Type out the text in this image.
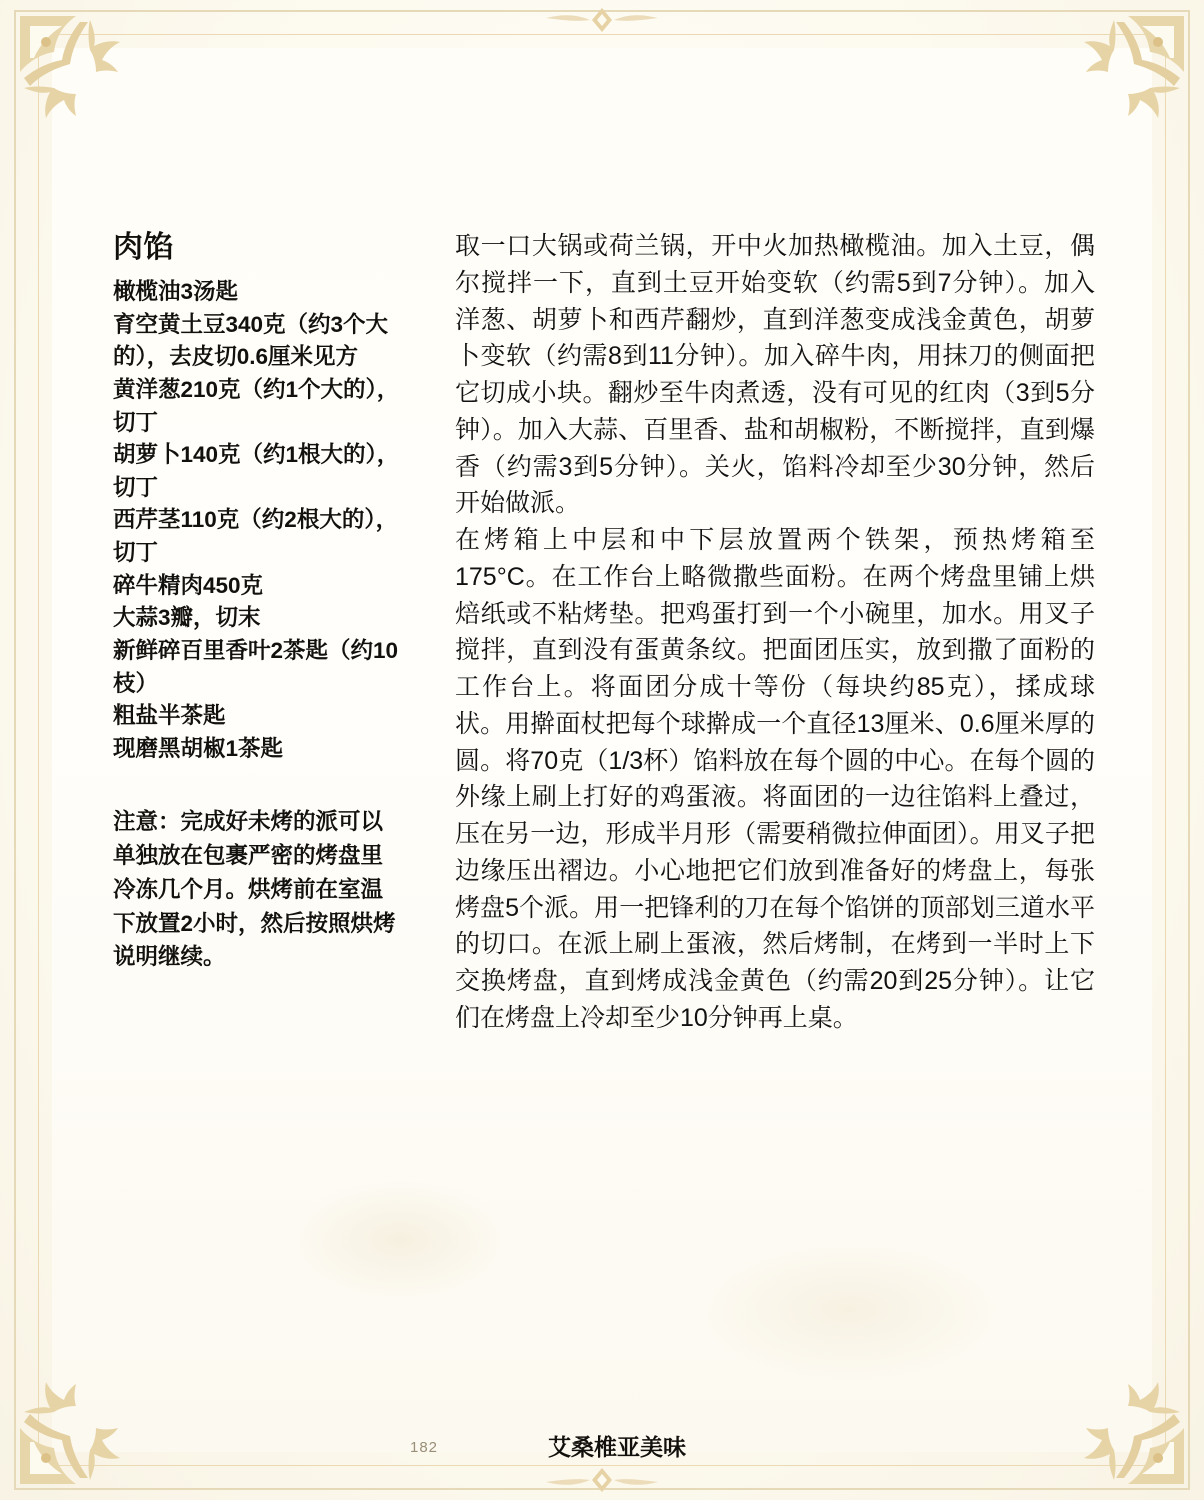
肉馅
橄榄油3汤匙
育空黄土豆340克（约3个大的），去皮切0.6厘米见方
黄洋葱210克（约1个大的），切丁
胡萝卜140克（约1根大的），切丁
西芹茎110克（约2根大的），切丁
碎牛精肉450克
大蒜3瓣，切末
新鲜碎百里香叶2茶匙（约10枝）
粗盐半茶匙
现磨黑胡椒1茶匙
注意：完成好未烤的派可以单独放在包裹严密的烤盘里冷冻几个月。烘烤前在室温下放置2小时，然后按照烘烤说明继续。

取一口大锅或荷兰锅，开中火加热橄榄油。加入土豆，偶尔搅拌一下，直到土豆开始变软（约需5到7分钟）。加入洋葱、胡萝卜和西芹翻炒，直到洋葱变成浅金黄色，胡萝卜变软（约需8到11分钟）。加入碎牛肉，用抹刀的侧面把它切成小块。翻炒至牛肉煮透，没有可见的红肉（3到5分钟）。加入大蒜、百里香、盐和胡椒粉，不断搅拌，直到爆香（约需3到5分钟）。关火，馅料冷却至少30分钟，然后开始做派。

在烤箱上中层和中下层放置两个铁架，预热烤箱至175°C。在工作台上略微撒些面粉。在两个烤盘里铺上烘焙纸或不粘烤垫。把鸡蛋打到一个小碗里，加水。用叉子搅拌，直到没有蛋黄条纹。把面团压实，放到撒了面粉的工作台上。将面团分成十等份（每块约85克），揉成球状。用擀面杖把每个球擀成一个直径13厘米、0.6厘米厚的圆。将70克（1/3杯）馅料放在每个圆的中心。在每个圆的外缘上刷上打好的鸡蛋液。将面团的一边往馅料上叠过，压在另一边，形成半月形（需要稍微拉伸面团）。用叉子把边缘压出褶边。小心地把它们放到准备好的烤盘上，每张烤盘5个派。用一把锋利的刀在每个馅饼的顶部划三道水平的切口。在派上刷上蛋液，然后烤制，在烤到一半时上下交换烤盘，直到烤成浅金黄色（约需20到25分钟）。让它们在烤盘上冷却至少10分钟再上桌。

182	艾桑椎亚美味
